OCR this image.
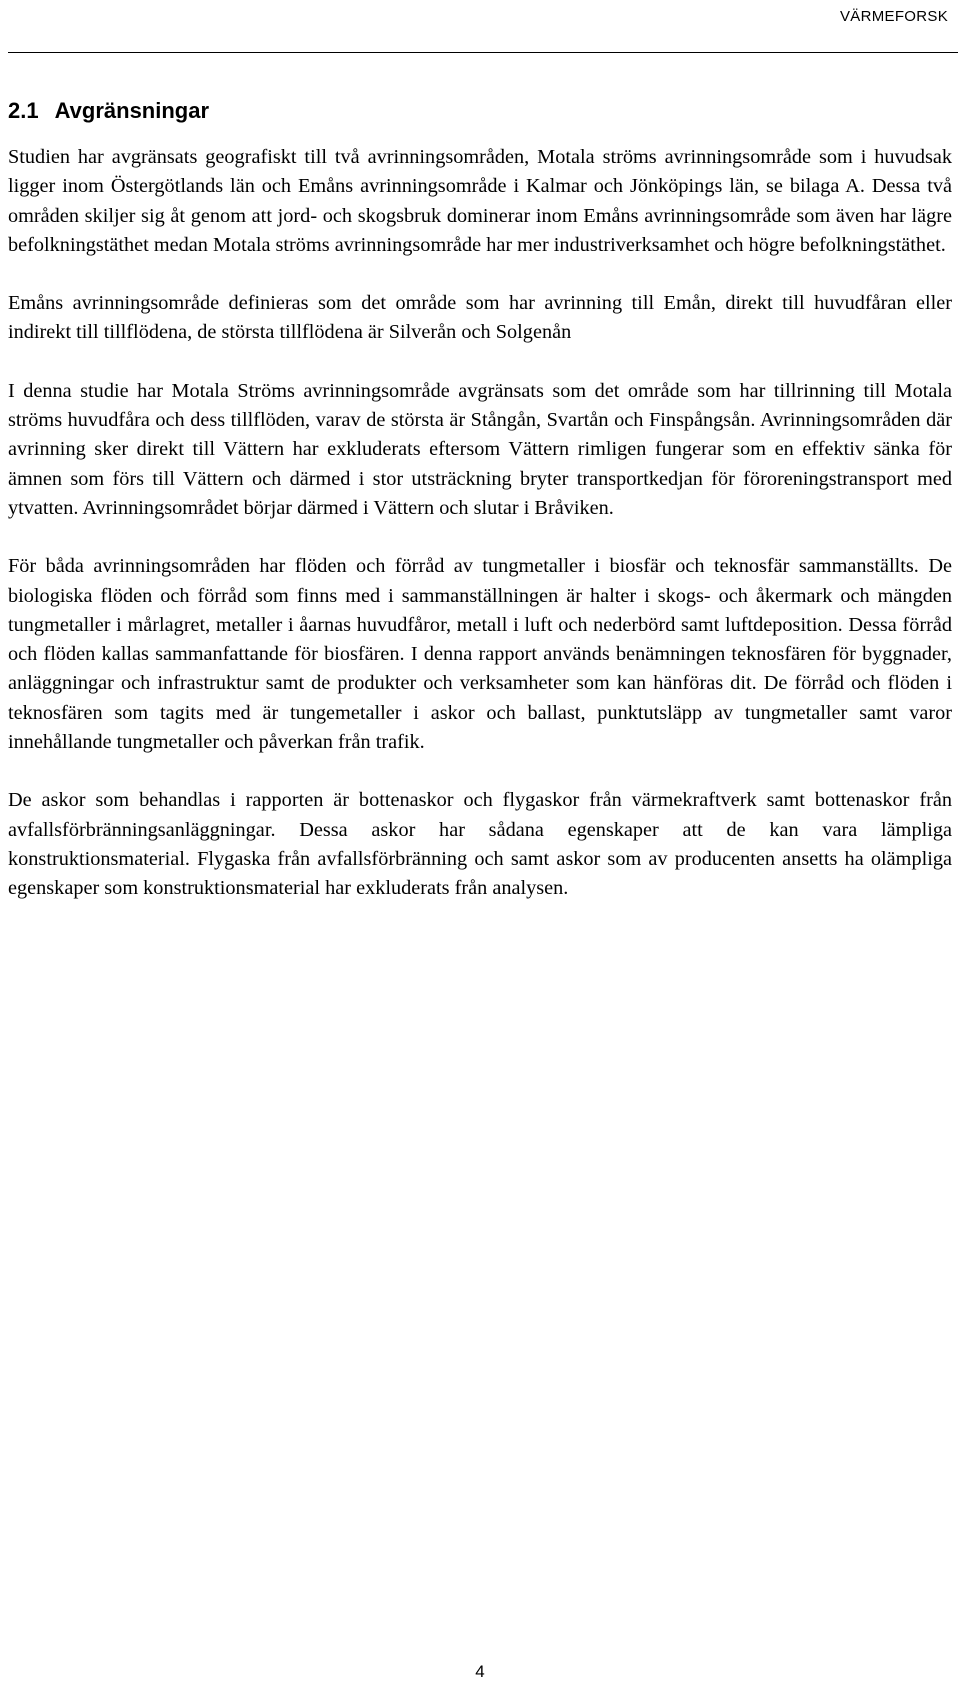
VÄRMEFORSK
2.1 Avgränsningar

Studien har avgränsats geografiskt till två avrinningsområden, Motala ströms avrinningsområde som i huvudsak ligger inom Östergötlands län och Emåns avrinningsområde i Kalmar och Jönköpings län, se bilaga A. Dessa två områden skiljer sig åt genom att jord- och skogsbruk dominerar inom Emåns avrinningsområde som även har lägre befolkningstäthet medan Motala ströms avrinningsområde har mer industriverksamhet och högre befolkningstäthet.

Emåns avrinningsområde definieras som det område som har avrinning till Emån, direkt till huvudfåran eller indirekt till tillflödena, de största tillflödena är Silverån och Solgenån

I denna studie har Motala Ströms avrinningsområde avgränsats som det område som har tillrinning till Motala ströms huvudfåra och dess tillflöden, varav de största är Stångån, Svartån och Finspångsån. Avrinningsområden där avrinning sker direkt till Vättern har exkluderats eftersom Vättern rimligen fungerar som en effektiv sänka för ämnen som förs till Vättern och därmed i stor utsträckning bryter transportkedjan för föroreningstransport med ytvatten. Avrinningsområdet börjar därmed i Vättern och slutar i Bråviken.

För båda avrinningsområden har flöden och förråd av tungmetaller i biosfär och teknosfär sammanställts. De biologiska flöden och förråd som finns med i sammanställningen är halter i skogs- och åkermark och mängden tungmetaller i mårlagret, metaller i åarnas huvudfåror, metall i luft och nederbörd samt luftdeposition. Dessa förråd och flöden kallas sammanfattande för biosfären. I denna rapport används benämningen teknosfären för byggnader, anläggningar och infrastruktur samt de produkter och verksamheter som kan hänföras dit. De förråd och flöden i teknosfären som tagits med är tungemetaller i askor och ballast, punktutsläpp av tungmetaller samt varor innehållande tungmetaller och påverkan från trafik.

De askor som behandlas i rapporten är bottenaskor och flygaskor från värmekraftverk samt bottenaskor från avfallsförbränningsanläggningar. Dessa askor har sådana egenskaper att de kan vara lämpliga konstruktionsmaterial. Flygaska från avfallsförbränning och samt askor som av producenten ansetts ha olämpliga egenskaper som konstruktionsmaterial har exkluderats från analysen.

4
